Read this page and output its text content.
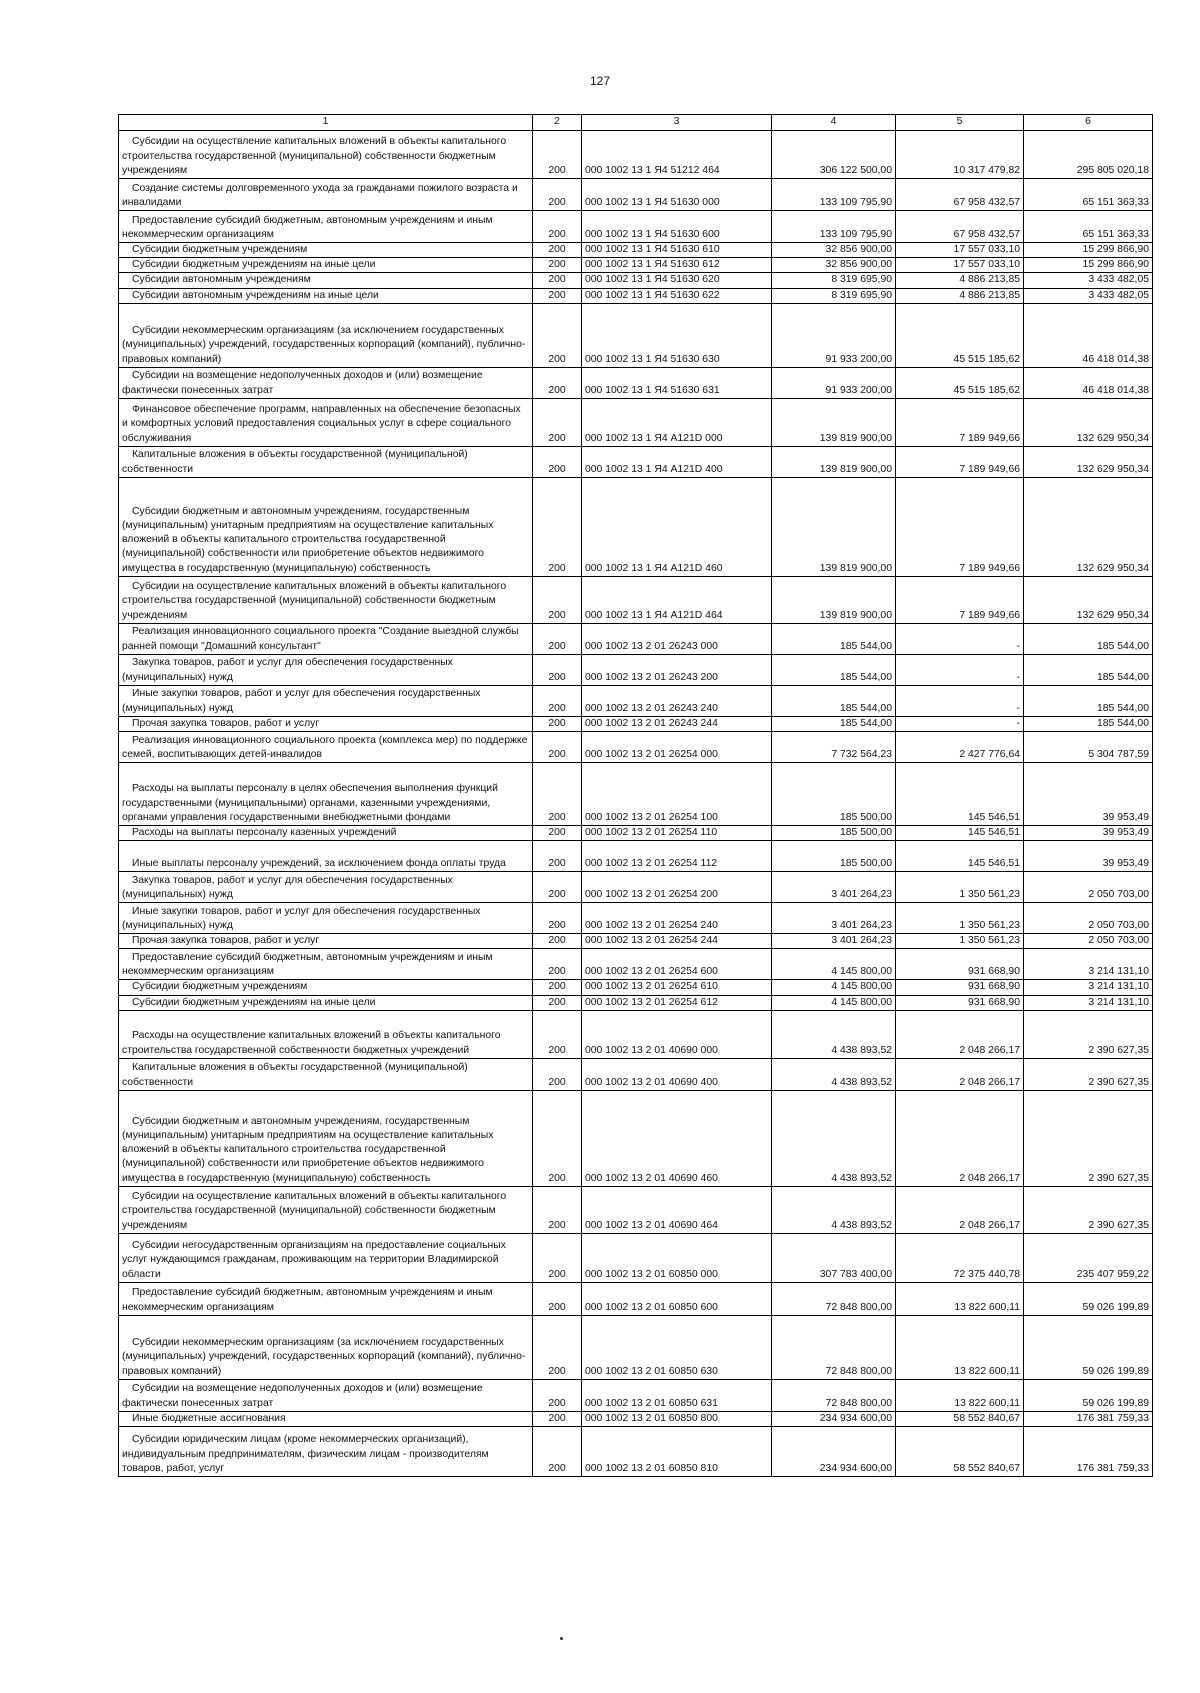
127
1	2	3	4	5	6
Субсидии на осуществление капитальных вложений в объекты капитального строительства государственной (муниципальной) собственности бюджетным учреждениям	200	000 1002 13 1 Я4 51212 464	306 122 500,00	10 317 479,82	295 805 020,18
Создание системы долговременного ухода за гражданами пожилого возраста и инвалидами	200	000 1002 13 1 Я4 51630 000	133 109 795,90	67 958 432,57	65 151 363,33
Предоставление субсидий бюджетным, автономным учреждениям и иным некоммерческим организациям	200	000 1002 13 1 Я4 51630 600	133 109 795,90	67 958 432,57	65 151 363,33
Субсидии бюджетным учреждениям	200	000 1002 13 1 Я4 51630 610	32 856 900,00	17 557 033,10	15 299 866,90
Субсидии бюджетным учреждениям на иные цели	200	000 1002 13 1 Я4 51630 612	32 856 900,00	17 557 033,10	15 299 866,90
Субсидии автономным учреждениям	200	000 1002 13 1 Я4 51630 620	8 319 695,90	4 886 213,85	3 433 482,05
Субсидии автономным учреждениям на иные цели	200	000 1002 13 1 Я4 51630 622	8 319 695,90	4 886 213,85	3 433 482,05
Субсидии некоммерческим организациям (за исключением государственных (муниципальных) учреждений, государственных корпораций (компаний), публично-правовых компаний)	200	000 1002 13 1 Я4 51630 630	91 933 200,00	45 515 185,62	46 418 014,38
Субсидии на возмещение недополученных доходов и (или) возмещение фактически понесенных затрат	200	000 1002 13 1 Я4 51630 631	91 933 200,00	45 515 185,62	46 418 014,38
Финансовое обеспечение программ, направленных на обеспечение безопасных и комфортных условий предоставления социальных услуг в сфере социального обслуживания	200	000 1002 13 1 Я4 А121D 000	139 819 900,00	7 189 949,66	132 629 950,34
Капитальные вложения в объекты государственной (муниципальной) собственности	200	000 1002 13 1 Я4 А121D 400	139 819 900,00	7 189 949,66	132 629 950,34
Субсидии бюджетным и автономным учреждениям, государственным (муниципальным) унитарным предприятиям на осуществление капитальных вложений в объекты капитального строительства государственной (муниципальной) собственности или приобретение объектов недвижимого имущества в государственную (муниципальную) собственность	200	000 1002 13 1 Я4 А121D 460	139 819 900,00	7 189 949,66	132 629 950,34
Субсидии на осуществление капитальных вложений в объекты капитального строительства государственной (муниципальной) собственности бюджетным учреждениям	200	000 1002 13 1 Я4 А121D 464	139 819 900,00	7 189 949,66	132 629 950,34
Реализация инновационного социального проекта "Создание выездной службы ранней помощи "Домашний консультант"	200	000 1002 13 2 01 26243 000	185 544,00	-	185 544,00
Закупка товаров, работ и услуг для обеспечения государственных (муниципальных) нужд	200	000 1002 13 2 01 26243 200	185 544,00	-	185 544,00
Иные закупки товаров, работ и услуг для обеспечения государственных (муниципальных) нужд	200	000 1002 13 2 01 26243 240	185 544,00	-	185 544,00
Прочая закупка товаров, работ и услуг	200	000 1002 13 2 01 26243 244	185 544,00	-	185 544,00
Реализация инновационного социального проекта (комплекса мер) по поддержке семей, воспитывающих детей-инвалидов	200	000 1002 13 2 01 26254 000	7 732 564,23	2 427 776,64	5 304 787,59
Расходы на выплаты персоналу в целях обеспечения выполнения функций государственными (муниципальными) органами, казенными учреждениями, органами управления государственными внебюджетными фондами	200	000 1002 13 2 01 26254 100	185 500,00	145 546,51	39 953,49
Расходы на выплаты персоналу казенных учреждений	200	000 1002 13 2 01 26254 110	185 500,00	145 546,51	39 953,49
Иные выплаты персоналу учреждений, за исключением фонда оплаты труда	200	000 1002 13 2 01 26254 112	185 500,00	145 546,51	39 953,49
Закупка товаров, работ и услуг для обеспечения государственных (муниципальных) нужд	200	000 1002 13 2 01 26254 200	3 401 264,23	1 350 561,23	2 050 703,00
Иные закупки товаров, работ и услуг для обеспечения государственных (муниципальных) нужд	200	000 1002 13 2 01 26254 240	3 401 264,23	1 350 561,23	2 050 703,00
Прочая закупка товаров, работ и услуг	200	000 1002 13 2 01 26254 244	3 401 264,23	1 350 561,23	2 050 703,00
Предоставление субсидий бюджетным, автономным учреждениям и иным некоммерческим организациям	200	000 1002 13 2 01 26254 600	4 145 800,00	931 668,90	3 214 131,10
Субсидии бюджетным учреждениям	200	000 1002 13 2 01 26254 610	4 145 800,00	931 668,90	3 214 131,10
Субсидии бюджетным учреждениям на иные цели	200	000 1002 13 2 01 26254 612	4 145 800,00	931 668,90	3 214 131,10
Расходы на осуществление капитальных вложений в объекты капитального строительства государственной собственности бюджетных учреждений	200	000 1002 13 2 01 40690 000	4 438 893,52	2 048 266,17	2 390 627,35
Капитальные вложения в объекты государственной (муниципальной) собственности	200	000 1002 13 2 01 40690 400	4 438 893,52	2 048 266,17	2 390 627,35
Субсидии бюджетным и автономным учреждениям, государственным (муниципальным) унитарным предприятиям на осуществление капитальных вложений в объекты капитального строительства государственной (муниципальной) собственности или приобретение объектов недвижимого имущества в государственную (муниципальную) собственность	200	000 1002 13 2 01 40690 460	4 438 893,52	2 048 266,17	2 390 627,35
Субсидии на осуществление капитальных вложений в объекты капитального строительства государственной (муниципальной) собственности бюджетным учреждениям	200	000 1002 13 2 01 40690 464	4 438 893,52	2 048 266,17	2 390 627,35
Субсидии негосударственным организациям на предоставление социальных услуг нуждающимся гражданам, проживающим на территории Владимирской области	200	000 1002 13 2 01 60850 000	307 783 400,00	72 375 440,78	235 407 959,22
Предоставление субсидий бюджетным, автономным учреждениям и иным некоммерческим организациям	200	000 1002 13 2 01 60850 600	72 848 800,00	13 822 600,11	59 026 199,89
Субсидии некоммерческим организациям (за исключением государственных (муниципальных) учреждений, государственных корпораций (компаний), публично-правовых компаний)	200	000 1002 13 2 01 60850 630	72 848 800,00	13 822 600,11	59 026 199,89
Субсидии на возмещение недополученных доходов и (или) возмещение фактически понесенных затрат	200	000 1002 13 2 01 60850 631	72 848 800,00	13 822 600,11	59 026 199,89
Иные бюджетные ассигнования	200	000 1002 13 2 01 60850 800	234 934 600,00	58 552 840,67	176 381 759,33
Субсидии юридическим лицам (кроме некоммерческих организаций), индивидуальным предпринимателям, физическим лицам - производителям товаров, работ, услуг	200	000 1002 13 2 01 60850 810	234 934 600,00	58 552 840,67	176 381 759,33
